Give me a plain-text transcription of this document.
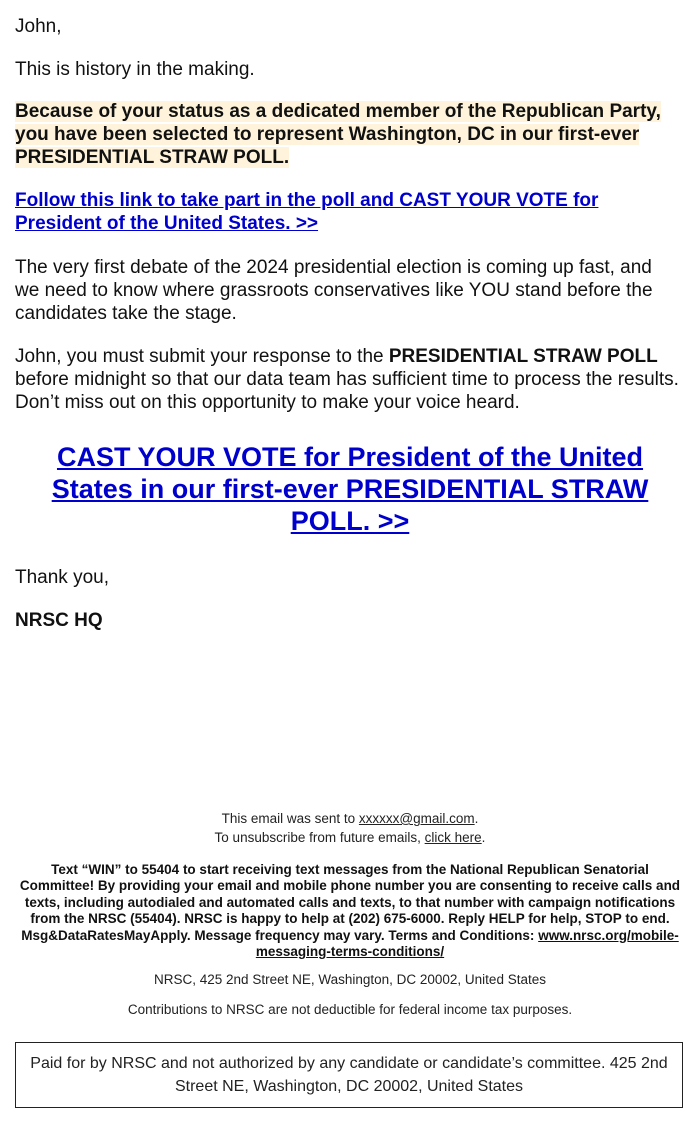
John,

This is history in the making.

Because of your status as a dedicated member of the Republican Party, you have been selected to represent Washington, DC in our first-ever PRESIDENTIAL STRAW POLL.

Follow this link to take part in the poll and CAST YOUR VOTE for President of the United States. >>

The very first debate of the 2024 presidential election is coming up fast, and we need to know where grassroots conservatives like YOU stand before the candidates take the stage.

John, you must submit your response to the PRESIDENTIAL STRAW POLL before midnight so that our data team has sufficient time to process the results. Don’t miss out on this opportunity to make your voice heard.

CAST YOUR VOTE for President of the United States in our first-ever PRESIDENTIAL STRAW POLL. >>

Thank you,

NRSC HQ

This email was sent to xxxxxx@gmail.com.
To unsubscribe from future emails, click here.
Text “WIN” to 55404 to start receiving text messages from the National Republican Senatorial Committee! By providing your email and mobile phone number you are consenting to receive calls and texts, including autodialed and automated calls and texts, to that number with campaign notifications from the NRSC (55404). NRSC is happy to help at (202) 675-6000. Reply HELP for help, STOP to end. Msg&DataRatesMayApply. Message frequency may vary. Terms and Conditions: www.nrsc.org/mobile-messaging-terms-conditions/
NRSC, 425 2nd Street NE, Washington, DC 20002, United States
Contributions to NRSC are not deductible for federal income tax purposes.
Paid for by NRSC and not authorized by any candidate or candidate’s committee. 425 2nd Street NE, Washington, DC 20002, United States
